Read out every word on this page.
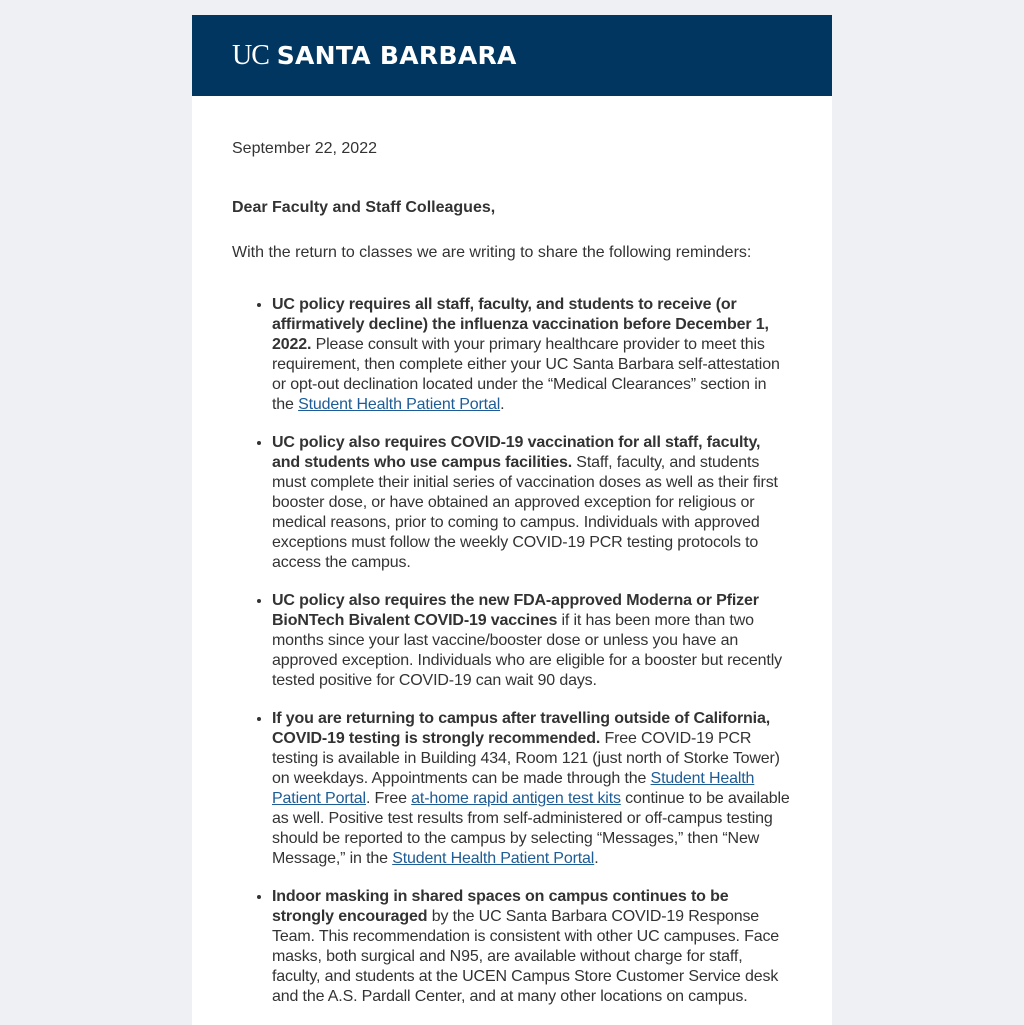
UC SANTA BARBARA

September 22, 2022

Dear Faculty and Staff Colleagues,

With the return to classes we are writing to share the following reminders:

• UC policy requires all staff, faculty, and students to receive (or affirmatively decline) the influenza vaccination before December 1, 2022. Please consult with your primary healthcare provider to meet this requirement, then complete either your UC Santa Barbara self-attestation or opt-out declination located under the “Medical Clearances” section in the Student Health Patient Portal.
• UC policy also requires COVID-19 vaccination for all staff, faculty, and students who use campus facilities. Staff, faculty, and students must complete their initial series of vaccination doses as well as their first booster dose, or have obtained an approved exception for religious or medical reasons, prior to coming to campus. Individuals with approved exceptions must follow the weekly COVID-19 PCR testing protocols to access the campus.
• UC policy also requires the new FDA-approved Moderna or Pfizer BioNTech Bivalent COVID-19 vaccines if it has been more than two months since your last vaccine/booster dose or unless you have an approved exception. Individuals who are eligible for a booster but recently tested positive for COVID-19 can wait 90 days.
• If you are returning to campus after travelling outside of California, COVID-19 testing is strongly recommended. Free COVID-19 PCR testing is available in Building 434, Room 121 (just north of Storke Tower) on weekdays. Appointments can be made through the Student Health Patient Portal. Free at-home rapid antigen test kits continue to be available as well. Positive test results from self-administered or off-campus testing should be reported to the campus by selecting “Messages,” then “New Message,” in the Student Health Patient Portal.
• Indoor masking in shared spaces on campus continues to be strongly encouraged by the UC Santa Barbara COVID-19 Response Team. This recommendation is consistent with other UC campuses. Face masks, both surgical and N95, are available without charge for staff, faculty, and students at the UCEN Campus Store Customer Service desk and the A.S. Pardall Center, and at many other locations on campus.
